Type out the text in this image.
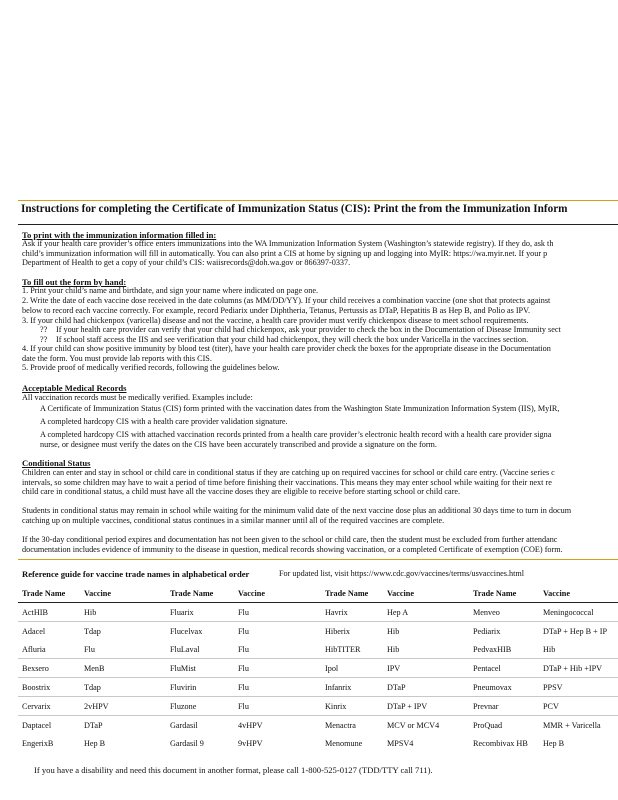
Instructions for completing the Certificate of Immunization Status (CIS): Print the from the Immunization Inform
To print with the immunization information filled in:
Ask if your health care provider’s office enters immunizations into the WA Immunization Information System (Washington’s statewide registry). If they do, ask th
child’s immunization information will fill in automatically. You can also print a CIS at home by signing up and logging into MyIR: https://wa.myir.net. If your p
Department of Health to get a copy of your child’s CIS: waiisrecords@doh.wa.gov or 866397-0337.
To fill out the form by hand:
1. Print your child’s name and birthdate, and sign your name where indicated on page one.
2. Write the date of each vaccine dose received in the date columns (as MM/DD/YY). If your child receives a combination vaccine (one shot that protects against
below to record each vaccine correctly. For example, record Pediarix under Diphtheria, Tetanus, Pertussis as DTaP, Hepatitis B as Hep B, and Polio as IPV.
3. If your child had chickenpox (varicella) disease and not the vaccine, a health care provider must verify chickenpox disease to meet school requirements.
?? If your health care provider can verify that your child had chickenpox, ask your provider to check the box in the Documentation of Disease Immunity sect
?? If school staff access the IIS and see verification that your child had chickenpox, they will check the box under Varicella in the vaccines section.
4. If your child can show positive immunity by blood test (titer), have your health care provider check the boxes for the appropriate disease in the Documentation
date the form. You must provide lab reports with this CIS.
5. Provide proof of medically verified records, following the guidelines below.
Acceptable Medical Records
All vaccination records must be medically verified. Examples include:
A Certificate of Immunization Status (CIS) form printed with the vaccination dates from the Washington State Immunization Information System (IIS), MyIR,
A completed hardcopy CIS with a health care provider validation signature.
A completed hardcopy CIS with attached vaccination records printed from a health care provider’s electronic health record with a health care provider signa
nurse, or designee must verify the dates on the CIS have been accurately transcribed and provide a signature on the form.
Conditional Status
Children can enter and stay in school or child care in conditional status if they are catching up on required vaccines for school or child care entry. (Vaccine series c
intervals, so some children may have to wait a period of time before finishing their vaccinations. This means they may enter school while waiting for their next re
child care in conditional status, a child must have all the vaccine doses they are eligible to receive before starting school or child care.
Students in conditional status may remain in school while waiting for the minimum valid date of the next vaccine dose plus an additional 30 days time to turn in docum
catching up on multiple vaccines, conditional status continues in a similar manner until all of the required vaccines are complete.
If the 30-day conditional period expires and documentation has not been given to the school or child care, then the student must be excluded from further attendanc
documentation includes evidence of immunity to the disease in question, medical records showing vaccination, or a completed Certificate of exemption (COE) form.
Reference guide for vaccine trade names in alphabetical order	For updated list, visit https://www.cdc.gov/vaccines/terms/usvaccines.html
Trade Name	Vaccine	Trade Name	Vaccine	Trade Name	Vaccine	Trade Name	Vaccine
ActHIB	Hib	Fluarix	Flu	Havrix	Hep A	Menveo	Meningococcal
Adacel	Tdap	Flucelvax	Flu	Hiberix	Hib	Pediarix	DTaP + Hep B + IP
Afluria	Flu	FluLaval	Flu	HibTITER	Hib	PedvaxHIB	Hib
Bexsero	MenB	FluMist	Flu	Ipol	IPV	Pentacel	DTaP + Hib +IPV
Boostrix	Tdap	Fluvirin	Flu	Infanrix	DTaP	Pneumovax	PPSV
Cervarix	2vHPV	Fluzone	Flu	Kinrix	DTaP + IPV	Prevnar	PCV
Daptacel	DTaP	Gardasil	4vHPV	Menactra	MCV or MCV4	ProQuad	MMR + Varicella
EngerixB	Hep B	Gardasil 9	9vHPV	Menomune	MPSV4	Recombivax HB	Hep B
If you have a disability and need this document in another format, please call 1-800-525-0127 (TDD/TTY call 711).
